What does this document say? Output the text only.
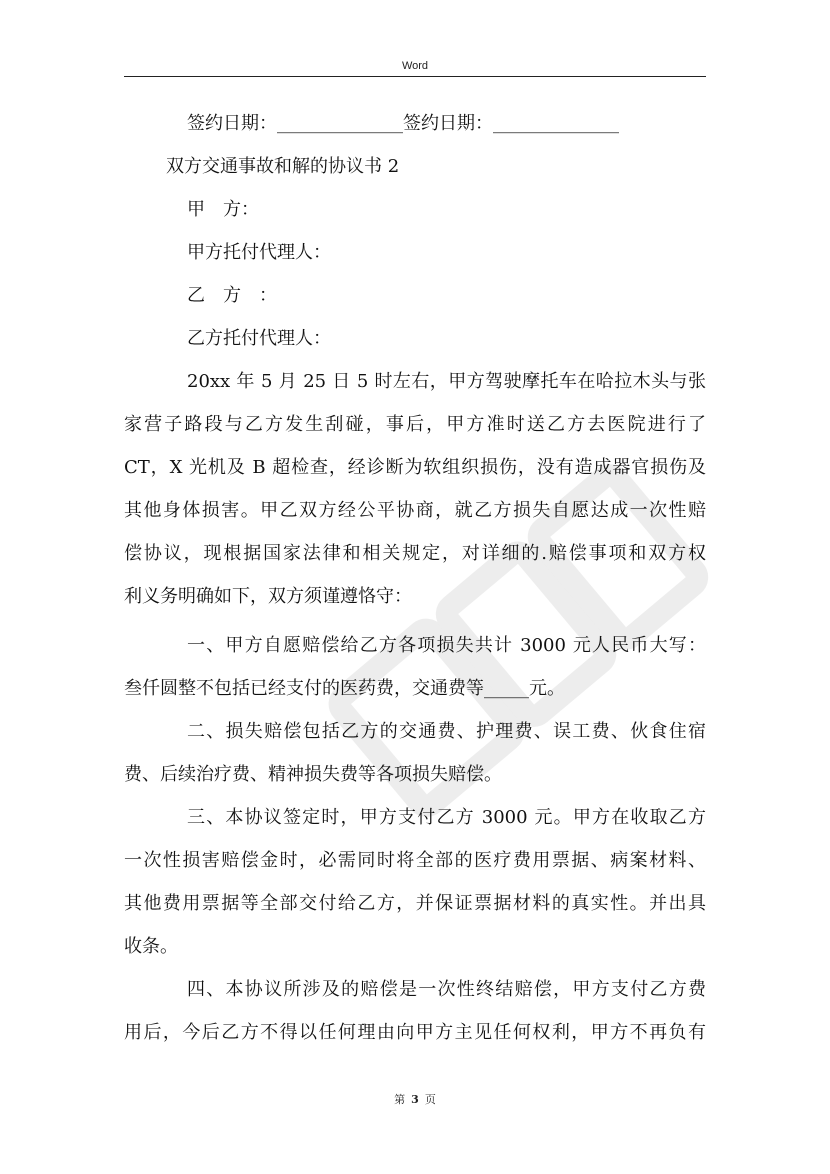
Word
签约日期：______________签约日期：______________
双方交通事故和解的协议书 2
甲　方：
甲方托付代理人：
乙　方　：
乙方托付代理人：
20xx 年 5 月 25 日 5 时左右，甲方驾驶摩托车在哈拉木头与张
家营子路段与乙方发生刮碰，事后，甲方准时送乙方去医院进行了
CT，X 光机及 B 超检查，经诊断为软组织损伤，没有造成器官损伤及
其他身体损害。甲乙双方经公平协商，就乙方损失自愿达成一次性赔
偿协议，现根据国家法律和相关规定，对详细的.赔偿事项和双方权
利义务明确如下，双方须谨遵恪守：
一、甲方自愿赔偿给乙方各项损失共计 3000 元人民币大写：
叁仟圆整不包括已经支付的医药费，交通费等_____元。
二、损失赔偿包括乙方的交通费、护理费、误工费、伙食住宿
费、后续治疗费、精神损失费等各项损失赔偿。
三、本协议签定时，甲方支付乙方 3000 元。甲方在收取乙方
一次性损害赔偿金时，必需同时将全部的医疗费用票据、病案材料、
其他费用票据等全部交付给乙方，并保证票据材料的真实性。并出具
收条。
四、本协议所涉及的赔偿是一次性终结赔偿，甲方支付乙方费
用后，今后乙方不得以任何理由向甲方主见任何权利，甲方不再负有
第 3 页
